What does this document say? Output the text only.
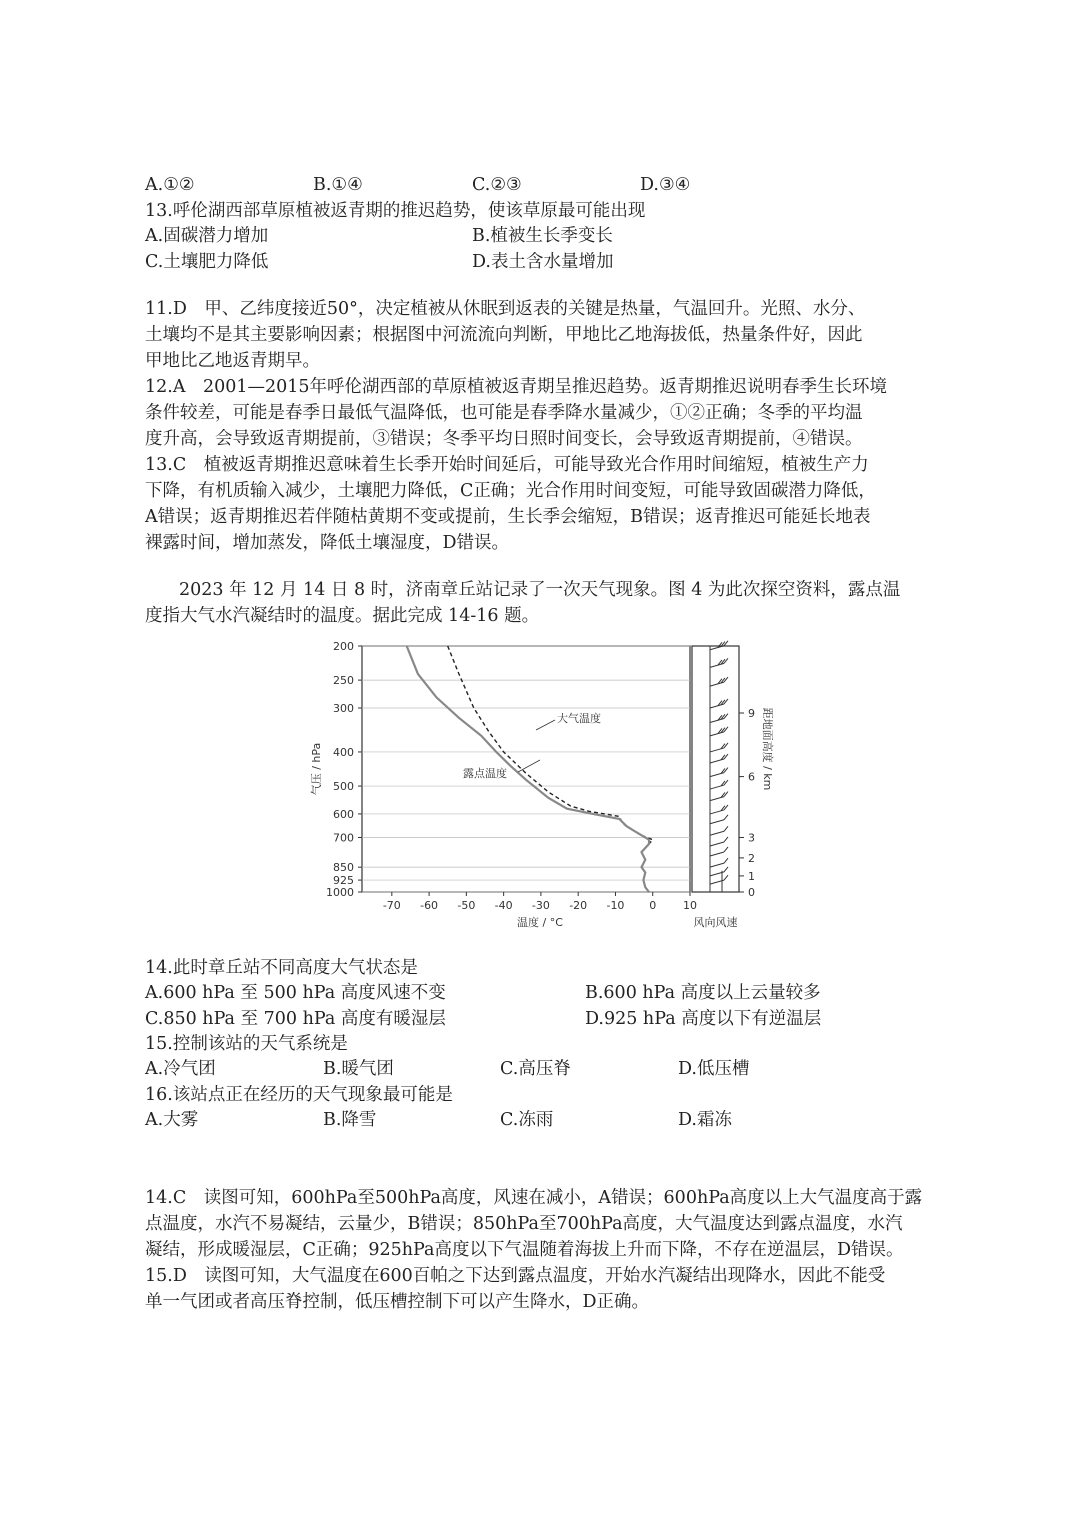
A.①②	B.①④	C.②③	D.③④
13.呼伦湖西部草原植被返青期的推迟趋势，使该草原最可能出现
A.固碳潜力增加	B.植被生长季变长
C.土壤肥力降低	D.表土含水量增加
11.D　甲、乙纬度接近50°，决定植被从休眠到返表的关键是热量，气温回升。光照、水分、
土壤均不是其主要影响因素；根据图中河流流向判断，甲地比乙地海拔低，热量条件好，因此
甲地比乙地返青期早。
12.A　2001—2015年呼伦湖西部的草原植被返青期呈推迟趋势。返青期推迟说明春季生长环境
条件较差，可能是春季日最低气温降低，也可能是春季降水量减少，①②正确；冬季的平均温
度升高，会导致返青期提前，③错误；冬季平均日照时间变长，会导致返青期提前，④错误。
13.C　植被返青期推迟意味着生长季开始时间延后，可能导致光合作用时间缩短，植被生产力
下降，有机质输入减少，土壤肥力降低，C正确；光合作用时间变短，可能导致固碳潜力降低，
A错误；返青期推迟若伴随枯黄期不变或提前，生长季会缩短，B错误；返青推迟可能延长地表
裸露时间，增加蒸发，降低土壤湿度，D错误。
2023 年 12 月 14 日 8 时，济南章丘站记录了一次天气现象。图 4 为此次探空资料，露点温
度指大气水汽凝结时的温度。据此完成 14-16 题。
200
250
300
400
500
600
700
850
925
1000
-70 -60 -50 -40 -30 -20 -10 0 10
温度 / °C
气压 / hPa
风向风速
0
1
2
3
6
9 距地面高度 / km
大气温度
露点温度
14.此时章丘站不同高度大气状态是
A.600 hPa 至 500 hPa 高度风速不变	B.600 hPa 高度以上云量较多
C.850 hPa 至 700 hPa 高度有暖湿层	D.925 hPa 高度以下有逆温层
15.控制该站的天气系统是
A.冷气团	B.暖气团	C.高压脊	D.低压槽
16.该站点正在经历的天气现象最可能是
A.大雾	B.降雪	C.冻雨	D.霜冻
14.C　读图可知，600hPa至500hPa高度，风速在减小，A错误；600hPa高度以上大气温度高于露
点温度，水汽不易凝结，云量少，B错误；850hPa至700hPa高度，大气温度达到露点温度，水汽
凝结，形成暖湿层，C正确；925hPa高度以下气温随着海拔上升而下降，不存在逆温层，D错误。
15.D　读图可知，大气温度在600百帕之下达到露点温度，开始水汽凝结出现降水，因此不能受
单一气团或者高压脊控制，低压槽控制下可以产生降水，D正确。
